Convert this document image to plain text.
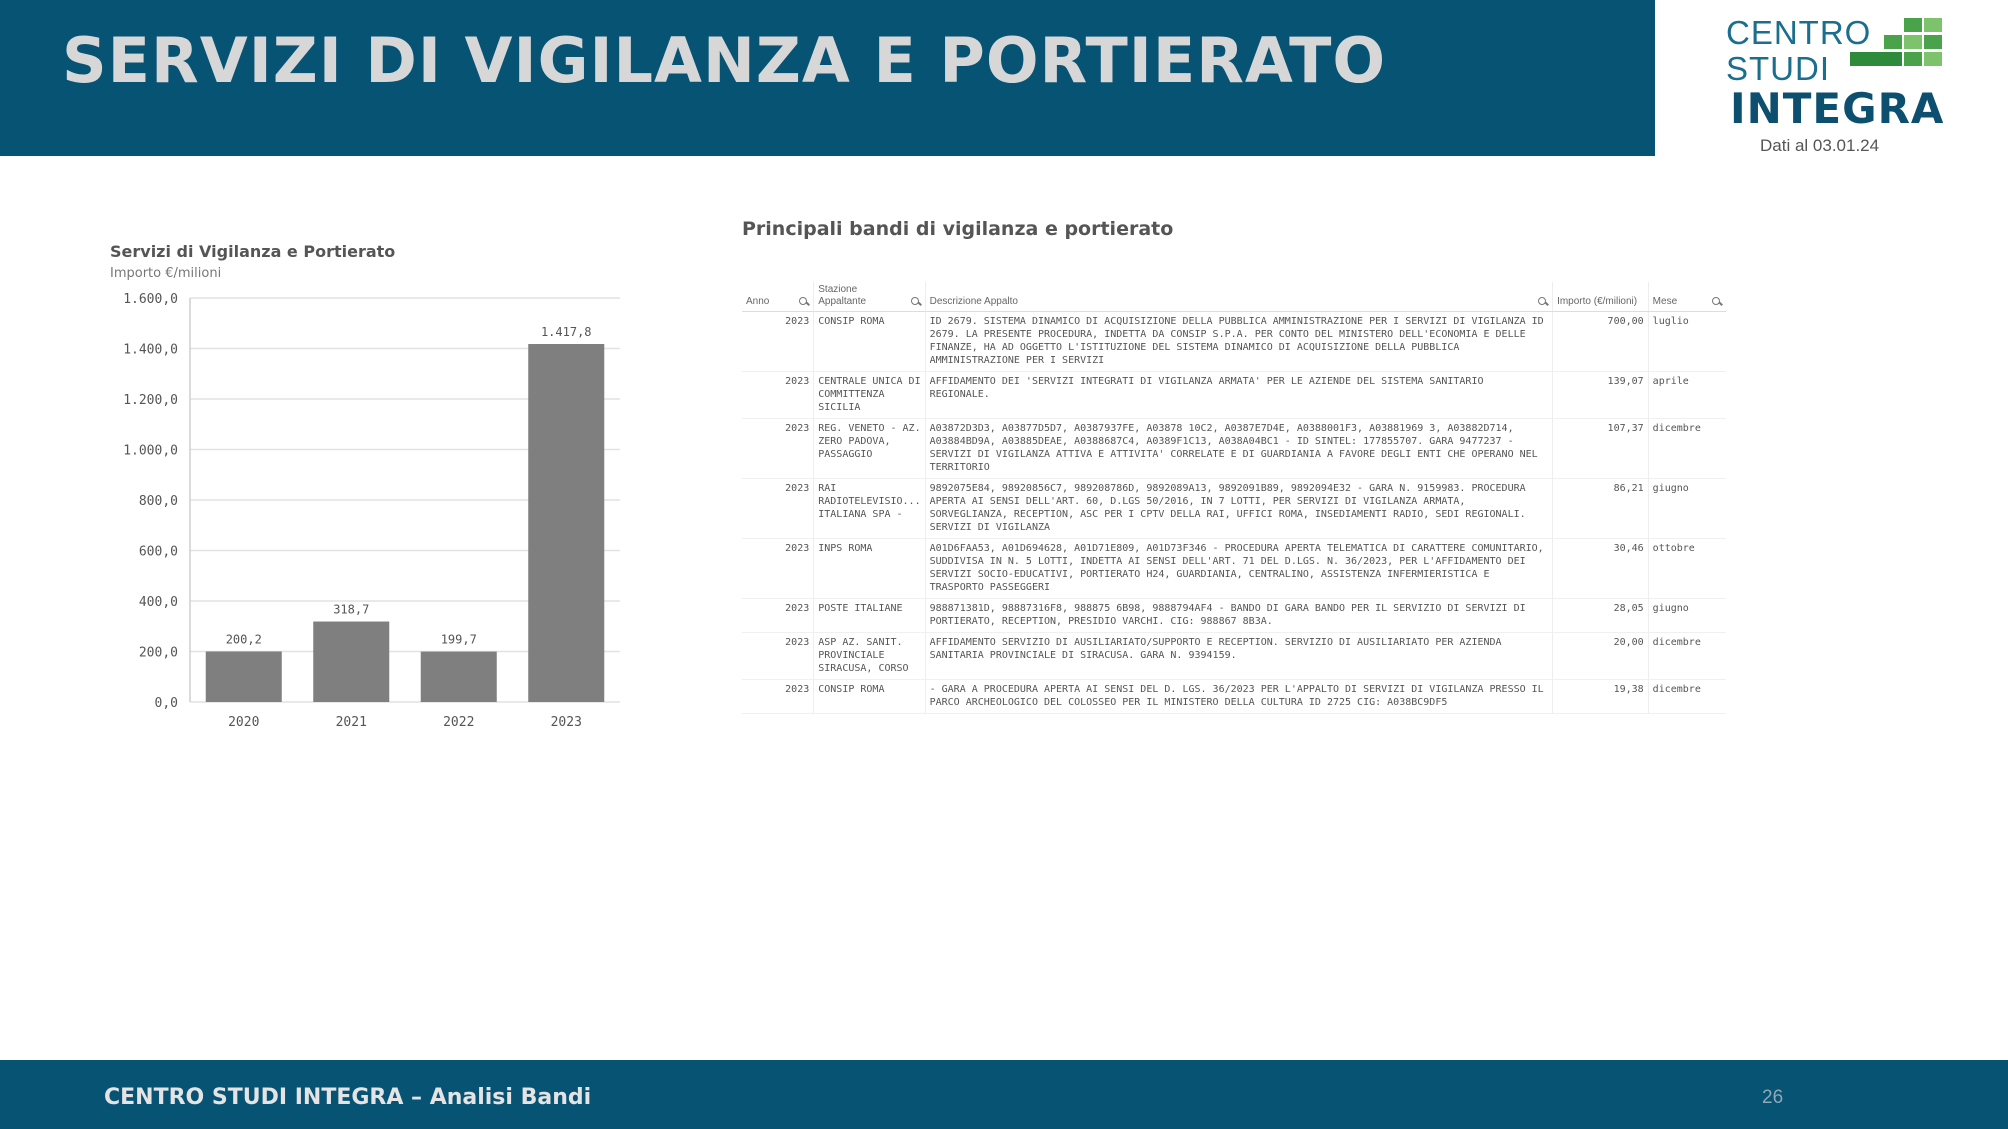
SERVIZI DI VIGILANZA E PORTIERATO	CENTRO
STUDI
INTEGRA
Dati al 03.01.24
Servizi di Vigilanza e Portierato
Importo €/milioni
0,0
200,0
400,0
600,0
800,0
1.000,0
1.200,0
1.400,0
1.600,0
200,2
2020
318,7
2021
199,7
2022
1.417,8
2023
Principali bandi di vigilanza e portierato
Anno	Stazione Appaltante	Descrizione Appalto	Importo (€/milioni)	Mese

2023	CONSIP ROMA	ID 2679. SISTEMA DINAMICO DI ACQUISIZIONE DELLA PUBBLICA AMMINISTRAZIONE PER I SERVIZI DI VIGILANZA ID 2679. LA PRESENTE PROCEDURA, INDETTA DA CONSIP S.P.A. PER CONTO DEL MINISTERO DELL'ECONOMIA E DELLE FINANZE, HA AD OGGETTO L'ISTITUZIONE DEL SISTEMA DINAMICO DI ACQUISIZIONE DELLA PUBBLICA AMMINISTRAZIONE PER I SERVIZI	700,00	luglio
2023	CENTRALE UNICA DI COMMITTENZA SICILIA	AFFIDAMENTO DEI 'SERVIZI INTEGRATI DI VIGILANZA ARMATA' PER LE AZIENDE DEL SISTEMA SANITARIO REGIONALE.	139,07	aprile
2023	REG. VENETO - AZ. ZERO PADOVA, PASSAGGIO	A03872D3D3, A03877D5D7, A0387937FE, A03878 10C2, A0387E7D4E, A0388001F3, A03881969 3, A03882D714, A03884BD9A, A03885DEAE, A0388687C4, A0389F1C13, A038A04BC1 - ID SINTEL: 177855707. GARA 9477237 - SERVIZI DI VIGILANZA ATTIVA E ATTIVITA' CORRELATE E DI GUARDIANIA A FAVORE DEGLI ENTI CHE OPERANO NEL TERRITORIO	107,37	dicembre
2023	RAI RADIOTELEVISIO... ITALIANA SPA -	9892075E84, 98920856C7, 989208786D, 9892089A13, 9892091B89, 9892094E32 - GARA N. 9159983. PROCEDURA APERTA AI SENSI DELL'ART. 60, D.LGS 50/2016, IN 7 LOTTI, PER SERVIZI DI VIGILANZA ARMATA, SORVEGLIANZA, RECEPTION, ASC PER I CPTV DELLA RAI, UFFICI ROMA, INSEDIAMENTI RADIO, SEDI REGIONALI. SERVIZI DI VIGILANZA	86,21	giugno
2023	INPS ROMA	A01D6FAA53, A01D694628, A01D71E809, A01D73F346 - PROCEDURA APERTA TELEMATICA DI CARATTERE COMUNITARIO, SUDDIVISA IN N. 5 LOTTI, INDETTA AI SENSI DELL'ART. 71 DEL D.LGS. N. 36/2023, PER L'AFFIDAMENTO DEI SERVIZI SOCIO-EDUCATIVI, PORTIERATO H24, GUARDIANIA, CENTRALINO, ASSISTENZA INFERMIERISTICA E TRASPORTO PASSEGGERI	30,46	ottobre
2023	POSTE ITALIANE	988871381D, 98887316F8, 988875 6B98, 9888794AF4 - BANDO DI GARA BANDO PER IL SERVIZIO DI SERVIZI DI PORTIERATO, RECEPTION, PRESIDIO VARCHI. CIG: 988867 8B3A.	28,05	giugno
2023	ASP AZ. SANIT. PROVINCIALE SIRACUSA, CORSO	AFFIDAMENTO SERVIZIO DI AUSILIARIATO/SUPPORTO E RECEPTION. SERVIZIO DI AUSILIARIATO PER AZIENDA SANITARIA PROVINCIALE DI SIRACUSA. GARA N. 9394159.	20,00	dicembre
2023	CONSIP ROMA	- GARA A PROCEDURA APERTA AI SENSI DEL D. LGS. 36/2023 PER L'APPALTO DI SERVIZI DI VIGILANZA PRESSO IL PARCO ARCHEOLOGICO DEL COLOSSEO PER IL MINISTERO DELLA CULTURA ID 2725 CIG: A038BC9DF5	19,38	dicembre
CENTRO STUDI INTEGRA – Analisi Bandi	26
